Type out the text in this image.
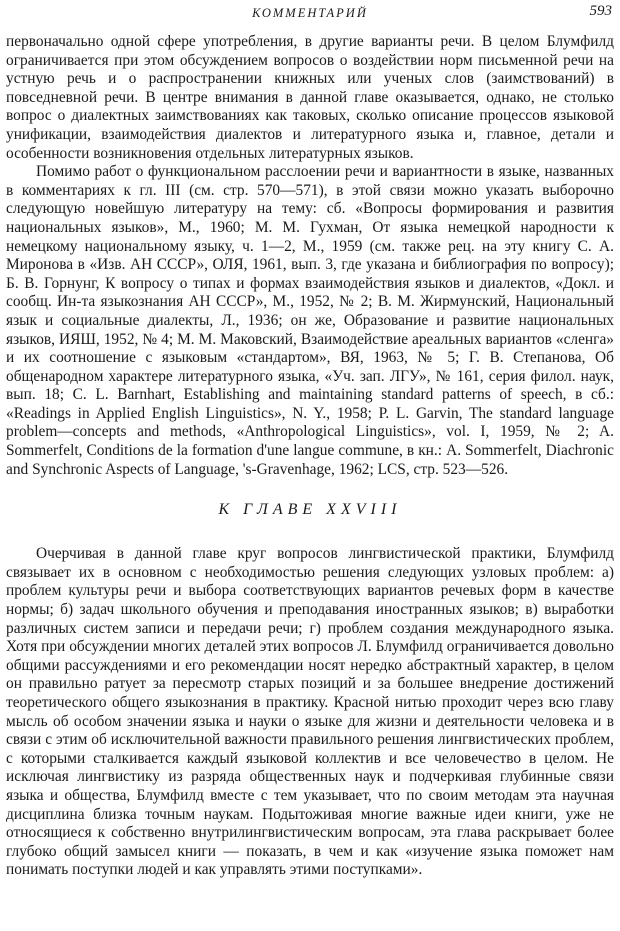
КОММЕНТАРИЙ	593

первоначально одной сфере употребления, в другие варианты речи. В целом Блумфилд ограничивается при этом обсуждением вопросов о воздействии норм письменной речи на устную речь и о распространении книжных или ученых слов (заимствований) в повседневной речи. В центре внимания в данной главе оказывается, однако, не столько вопрос о диалектных заимствованиях как таковых, сколько описание процессов языковой унификации, взаимодействия диалектов и литературного языка и, главное, детали и особенности возникновения отдельных литературных языков.

Помимо работ о функциональном расслоении речи и вариантности в языке, названных в комментариях к гл. III (см. стр. 570—571), в этой связи можно указать выборочно следующую новейшую литературу на тему: сб. «Вопросы формирования и развития национальных языков», М., 1960; М. М. Гухман, От языка немецкой народности к немецкому национальному языку, ч. 1—2, М., 1959 (см. также рец. на эту книгу С. А. Миронова в «Изв. АН СССР», ОЛЯ, 1961, вып. 3, где указана и библиография по вопросу); Б. В. Горнунг, К вопросу о типах и формах взаимодействия языков и диалектов, «Докл. и сообщ. Ин-та языкознания АН СССР», М., 1952, № 2; В. М. Жирмунский, Национальный язык и социальные диалекты, Л., 1936; он же, Образование и развитие национальных языков, ИЯШ, 1952, № 4; М. М. Маковский, Взаимодействие ареальных вариантов «сленга» и их соотношение с языковым «стандартом», ВЯ, 1963, № 5; Г. В. Степанова, Об общенародном характере литературного языка, «Уч. зап. ЛГУ», № 161, серия филол. наук, вып. 18; C. L. Barnhart, Establishing and maintaining standard patterns of speech, в сб.: «Readings in Applied English Linguistics», N. Y., 1958; P. L. Garvin, The standard language problem—concepts and methods, «Anthropological Linguistics», vol. I, 1959, № 2; A. Sommerfelt, Conditions de la formation d'une langue commune, в кн.: A. Sommerfelt, Diachronic and Synchronic Aspects of Language, 's-Gravenhage, 1962; LCS, стр. 523—526.

К ГЛАВЕ XXVIII

Очерчивая в данной главе круг вопросов лингвистической практики, Блумфилд связывает их в основном с необходимостью решения следующих узловых проблем: а) проблем культуры речи и выбора соответствующих вариантов речевых форм в качестве нормы; б) задач школьного обучения и преподавания иностранных языков; в) выработки различных систем записи и передачи речи; г) проблем создания международного языка. Хотя при обсуждении многих деталей этих вопросов Л. Блумфилд ограничивается довольно общими рассуждениями и его рекомендации носят нередко абстрактный характер, в целом он правильно ратует за пересмотр старых позиций и за большее внедрение достижений теоретического общего языкознания в практику. Красной нитью проходит через всю главу мысль об особом значении языка и науки о языке для жизни и деятельности человека и в связи с этим об исключительной важности правильного решения лингвистических проблем, с которыми сталкивается каждый языковой коллектив и все человечество в целом. Не исключая лингвистику из разряда общественных наук и подчеркивая глубинные связи языка и общества, Блумфилд вместе с тем указывает, что по своим методам эта научная дисциплина близка точным наукам. Подытоживая многие важные идеи книги, уже не относящиеся к собственно внутрилингвистическим вопросам, эта глава раскрывает более глубоко общий замысел книги — показать, в чем и как «изучение языка поможет нам понимать поступки людей и как управлять этими поступками».
